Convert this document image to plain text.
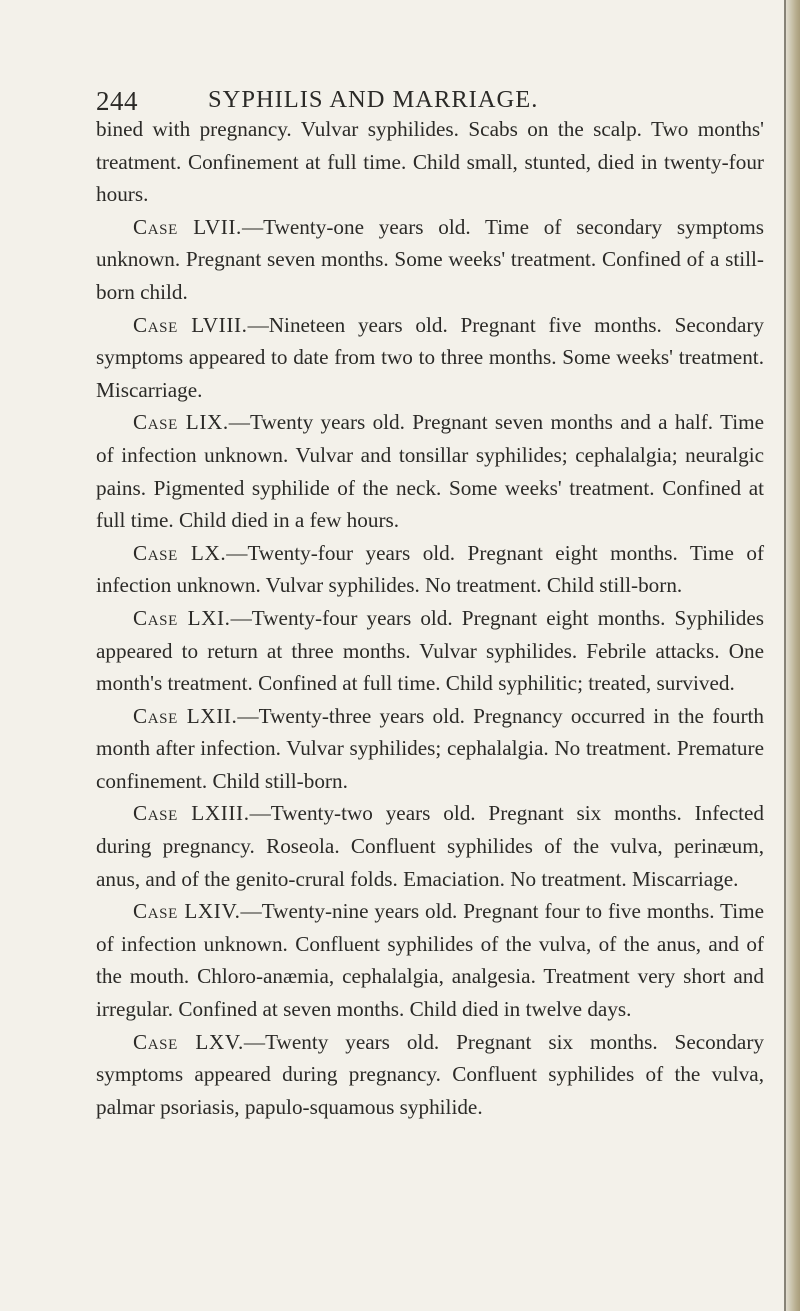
244	SYPHILIS AND MARRIAGE.

bined with pregnancy. Vulvar syphilides. Scabs on the scalp. Two months' treatment. Confinement at full time. Child small, stunted, died in twenty-four hours.

Case LVII.—Twenty-one years old. Time of secondary symptoms unknown. Pregnant seven months. Some weeks' treatment. Confined of a still-born child.

Case LVIII.—Nineteen years old. Pregnant five months. Secondary symptoms appeared to date from two to three months. Some weeks' treatment. Miscarriage.

Case LIX.—Twenty years old. Pregnant seven months and a half. Time of infection unknown. Vulvar and tonsillar syphilides; cephalalgia; neuralgic pains. Pigmented syphilide of the neck. Some weeks' treatment. Confined at full time. Child died in a few hours.

Case LX.—Twenty-four years old. Pregnant eight months. Time of infection unknown. Vulvar syphilides. No treatment. Child still-born.

Case LXI.—Twenty-four years old. Pregnant eight months. Syphilides appeared to return at three months. Vulvar syphilides. Febrile attacks. One month's treatment. Confined at full time. Child syphilitic; treated, survived.

Case LXII.—Twenty-three years old. Pregnancy occurred in the fourth month after infection. Vulvar syphilides; cephalalgia. No treatment. Premature confinement. Child still-born.

Case LXIII.—Twenty-two years old. Pregnant six months. Infected during pregnancy. Roseola. Confluent syphilides of the vulva, perinæum, anus, and of the genito-crural folds. Emaciation. No treatment. Miscarriage.

Case LXIV.—Twenty-nine years old. Pregnant four to five months. Time of infection unknown. Confluent syphilides of the vulva, of the anus, and of the mouth. Chloro-anæmia, cephalalgia, analgesia. Treatment very short and irregular. Confined at seven months. Child died in twelve days.

Case LXV.—Twenty years old. Pregnant six months. Secondary symptoms appeared during pregnancy. Confluent syphilides of the vulva, palmar psoriasis, papulo-squamous syphilide.
